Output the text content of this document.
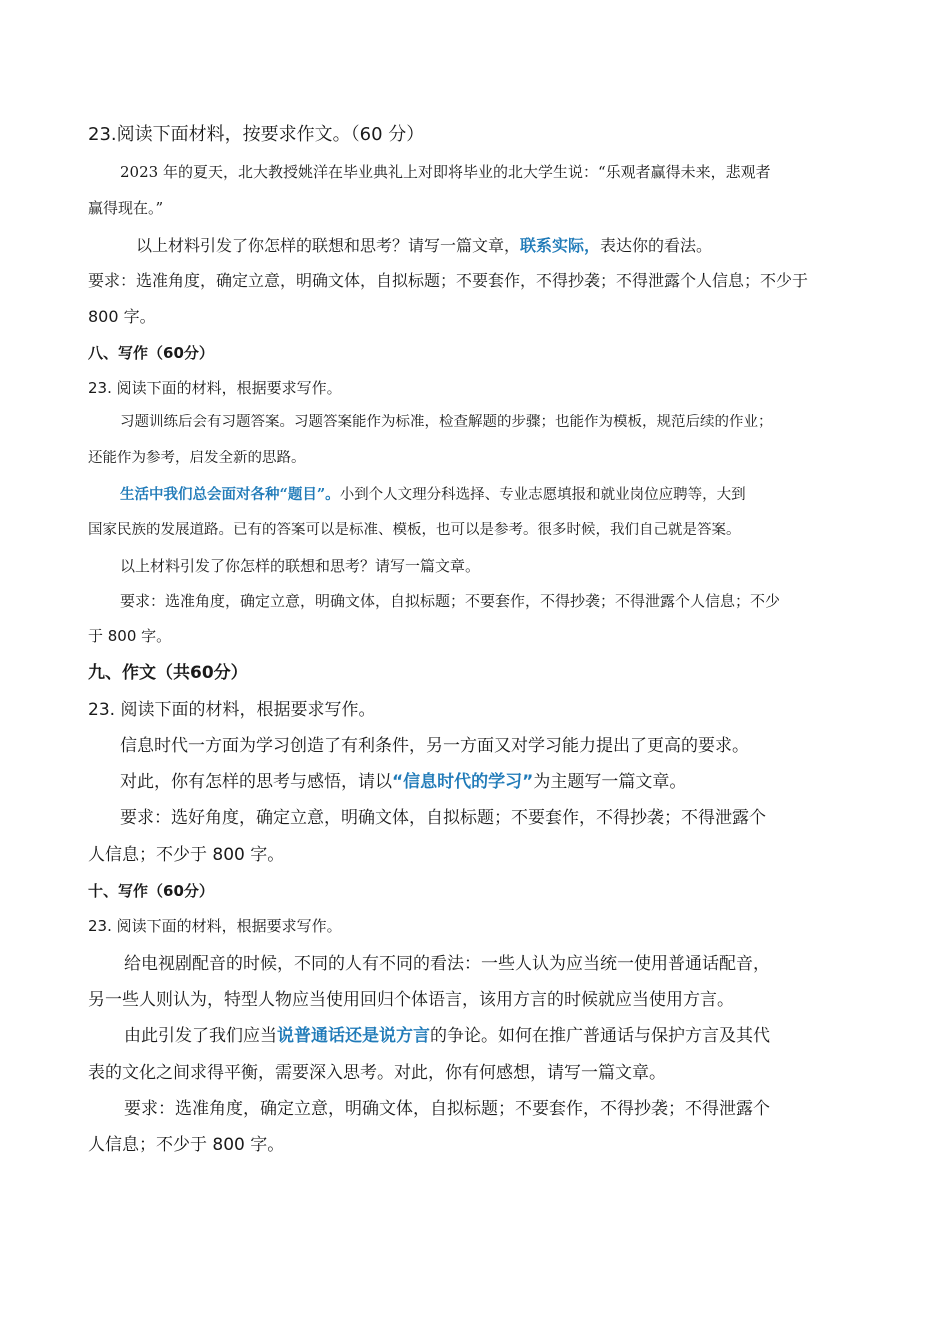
23.阅读下面材料，按要求作文。（60 分）
2023 年的夏天，北大教授姚洋在毕业典礼上对即将毕业的北大学生说：“乐观者赢得未来，悲观者
赢得现在。”
以上材料引发了你怎样的联想和思考？请写一篇文章，联系实际，表达你的看法。
要求：选准角度，确定立意，明确文体，自拟标题；不要套作，不得抄袭；不得泄露个人信息；不少于
800 字。
八、写作（60分）
23. 阅读下面的材料，根据要求写作。
习题训练后会有习题答案。习题答案能作为标准，检查解题的步骤；也能作为模板，规范后续的作业；
还能作为参考，启发全新的思路。
生活中我们总会面对各种“题目”。小到个人文理分科选择、专业志愿填报和就业岗位应聘等，大到
国家民族的发展道路。已有的答案可以是标准、模板，也可以是参考。很多时候，我们自己就是答案。
以上材料引发了你怎样的联想和思考？请写一篇文章。
要求：选准角度，确定立意，明确文体，自拟标题；不要套作，不得抄袭；不得泄露个人信息；不少
于 800 字。
九、作文（共60分）
23. 阅读下面的材料，根据要求写作。
信息时代一方面为学习创造了有利条件，另一方面又对学习能力提出了更高的要求。
对此，你有怎样的思考与感悟，请以“信息时代的学习”为主题写一篇文章。
要求：选好角度，确定立意，明确文体，自拟标题；不要套作，不得抄袭；不得泄露个
人信息；不少于 800 字。
十、写作（60分）
23. 阅读下面的材料，根据要求写作。
给电视剧配音的时候，不同的人有不同的看法：一些人认为应当统一使用普通话配音，
另一些人则认为，特型人物应当使用回归个体语言，该用方言的时候就应当使用方言。
由此引发了我们应当说普通话还是说方言的争论。如何在推广普通话与保护方言及其代
表的文化之间求得平衡，需要深入思考。对此，你有何感想，请写一篇文章。
要求：选准角度，确定立意，明确文体，自拟标题；不要套作，不得抄袭；不得泄露个
人信息；不少于 800 字。
